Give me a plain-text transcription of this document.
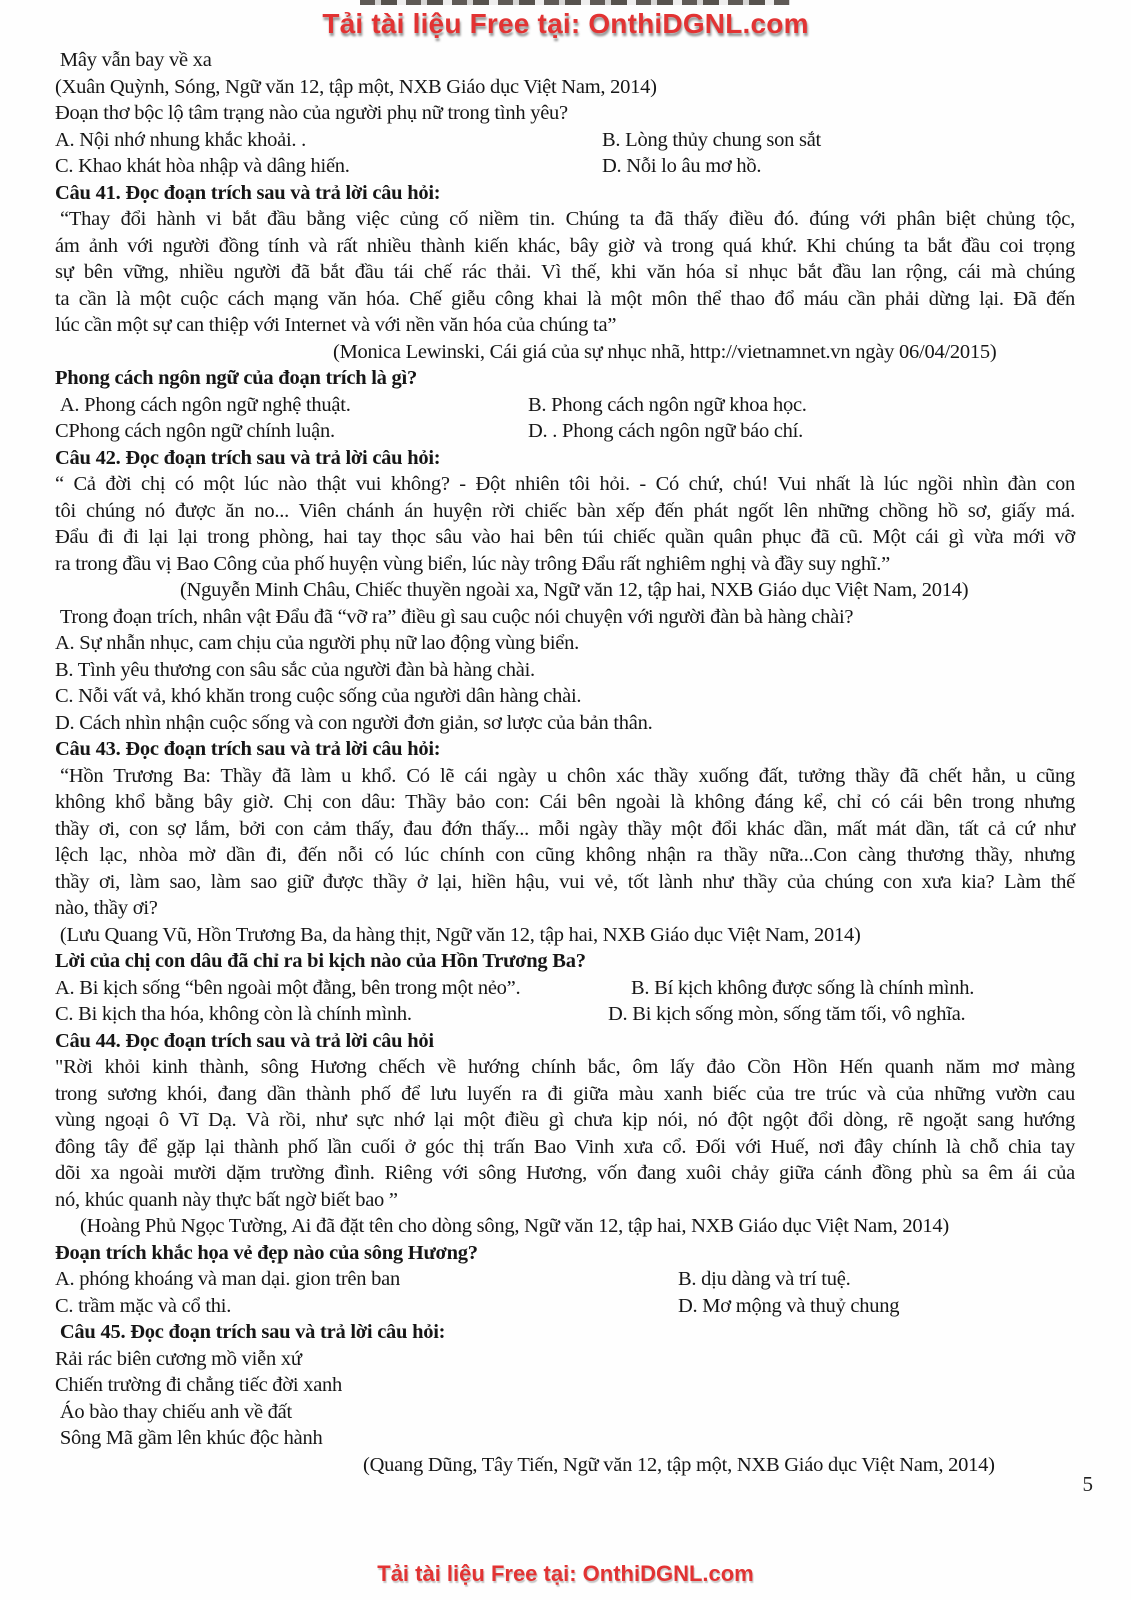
Tải tài liệu Free tại: OnthiDGNL.com
Mây vẫn bay về xa
(Xuân Quỳnh, Sóng, Ngữ văn 12, tập một, NXB Giáo dục Việt Nam, 2014)
Đoạn thơ bộc lộ tâm trạng nào của người phụ nữ trong tình yêu?
A. Nội nhớ nhung khắc khoải. .	B. Lòng thủy chung son sắt
C. Khao khát hòa nhập và dâng hiến.	D. Nỗi lo âu mơ hồ.
Câu 41. Đọc đoạn trích sau và trả lời câu hỏi:
“Thay đổi hành vi bắt đầu bằng việc củng cố niềm tin. Chúng ta đã thấy điều đó. đúng với phân biệt chủng tộc,
ám ảnh với người đồng tính và rất nhiều thành kiến khác, bây giờ và trong quá khứ. Khi chúng ta bắt đầu coi trọng
sự bên vững, nhiều người đã bắt đầu tái chế rác thải. Vì thế, khi văn hóa sỉ nhục bắt đầu lan rộng, cái mà chúng
ta cần là một cuộc cách mạng văn hóa. Chế giễu công khai là một môn thể thao đổ máu cần phải dừng lại. Đã đến
lúc cần một sự can thiệp với Internet và với nền văn hóa của chúng ta”
(Monica Lewinski, Cái giá của sự nhục nhã, http://vietnamnet.vn ngày 06/04/2015)
Phong cách ngôn ngữ của đoạn trích là gì?
A. Phong cách ngôn ngữ nghệ thuật.	B. Phong cách ngôn ngữ khoa học.
CPhong cách ngôn ngữ chính luận.	D. . Phong cách ngôn ngữ báo chí.
Câu 42. Đọc đoạn trích sau và trả lời câu hỏi:
“ Cả đời chị có một lúc nào thật vui không? - Đột nhiên tôi hỏi. - Có chứ, chú! Vui nhất là lúc ngồi nhìn đàn con
tôi chúng nó được ăn no... Viên chánh án huyện rời chiếc bàn xếp đến phát ngốt lên những chồng hồ sơ, giấy má.
Đẩu đi đi lại lại trong phòng, hai tay thọc sâu vào hai bên túi chiếc quần quân phục đã cũ. Một cái gì vừa mới vỡ
ra trong đầu vị Bao Công của phố huyện vùng biển, lúc này trông Đẩu rất nghiêm nghị và đầy suy nghĩ.”
(Nguyễn Minh Châu, Chiếc thuyền ngoài xa, Ngữ văn 12, tập hai, NXB Giáo dục Việt Nam, 2014)
Trong đoạn trích, nhân vật Đẩu đã “vỡ ra” điều gì sau cuộc nói chuyện với người đàn bà hàng chài?
A. Sự nhẫn nhục, cam chịu của người phụ nữ lao động vùng biển.
B. Tình yêu thương con sâu sắc của người đàn bà hàng chài.
C. Nỗi vất vả, khó khăn trong cuộc sống của người dân hàng chài.
D. Cách nhìn nhận cuộc sống và con người đơn giản, sơ lược của bản thân.
Câu 43. Đọc đoạn trích sau và trả lời câu hỏi:
“Hồn Trương Ba: Thầy đã làm u khổ. Có lẽ cái ngày u chôn xác thầy xuống đất, tưởng thầy đã chết hẳn, u cũng
không khổ bằng bây giờ. Chị con dâu: Thầy bảo con: Cái bên ngoài là không đáng kể, chỉ có cái bên trong nhưng
thầy ơi, con sợ lắm, bởi con cảm thấy, đau đớn thấy... mỗi ngày thầy một đổi khác dần, mất mát dần, tất cả cứ như
lệch lạc, nhòa mờ dần đi, đến nỗi có lúc chính con cũng không nhận ra thầy nữa...Con càng thương thầy, nhưng
thầy ơi, làm sao, làm sao giữ được thầy ở lại, hiền hậu, vui vẻ, tốt lành như thầy của chúng con xưa kia? Làm thế
nào, thầy ơi?
(Lưu Quang Vũ, Hồn Trương Ba, da hàng thịt, Ngữ văn 12, tập hai, NXB Giáo dục Việt Nam, 2014)
Lời của chị con dâu đã chỉ ra bi kịch nào của Hồn Trương Ba?
A. Bi kịch sống “bên ngoài một đằng, bên trong một nẻo”.	B. Bí kịch không được sống là chính mình.
C. Bi kịch tha hóa, không còn là chính mình.	D. Bi kịch sống mòn, sống tăm tối, vô nghĩa.
Câu 44. Đọc đoạn trích sau và trả lời câu hỏi
"Rời khỏi kinh thành, sông Hương chếch về hướng chính bắc, ôm lấy đảo Cồn Hồn Hến quanh năm mơ màng
trong sương khói, đang dần thành phố để lưu luyến ra đi giữa màu xanh biếc của tre trúc và của những vườn cau
vùng ngoại ô Vĩ Dạ. Và rồi, như sực nhớ lại một điều gì chưa kịp nói, nó đột ngột đổi dòng, rẽ ngoặt sang hướng
đông tây để gặp lại thành phố lần cuối ở góc thị trấn Bao Vinh xưa cổ. Đối với Huế, nơi đây chính là chỗ chia tay
dõi xa ngoài mười dặm trường đình. Riêng với sông Hương, vốn đang xuôi chảy giữa cánh đồng phù sa êm ái của
nó, khúc quanh này thực bất ngờ biết bao ”
(Hoàng Phủ Ngọc Tường, Ai đã đặt tên cho dòng sông, Ngữ văn 12, tập hai, NXB Giáo dục Việt Nam, 2014)
Đoạn trích khắc họa vẻ đẹp nào của sông Hương?
A. phóng khoáng và man dại. gion trên ban	B. dịu dàng và trí tuệ.
C. trầm mặc và cổ thi.	D. Mơ mộng và thuỷ chung
Câu 45. Đọc đoạn trích sau và trả lời câu hỏi:
Rải rác biên cương mồ viễn xứ
Chiến trường đi chẳng tiếc đời xanh
Áo bào thay chiếu anh về đất
Sông Mã gầm lên khúc độc hành
(Quang Dũng, Tây Tiến, Ngữ văn 12, tập một, NXB Giáo dục Việt Nam, 2014)
5
Tải tài liệu Free tại: OnthiDGNL.com
